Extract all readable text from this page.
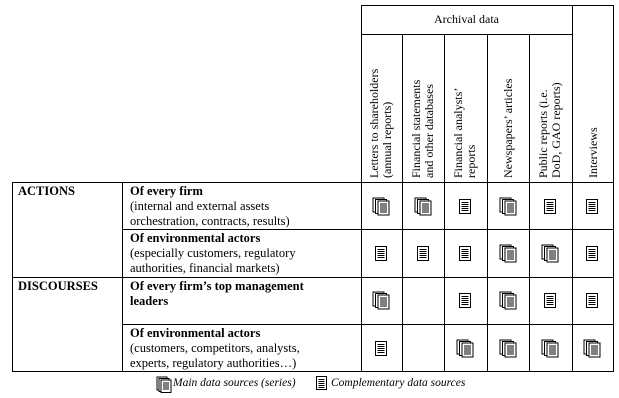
Archival data
Letters to shareholders (annual reports) Financial statements and other databases Financial analysts’ reports Newspapers’ articles Public reports (i.e. DoD, GAO reports) Interviews
ACTIONS
DISCOURSES
Of every firm
(internal and external assets
orchestration, contracts, results)
Of environmental actors
(especially customers, regulatory
authorities, financial markets)
Of every firm’s top management
leaders
Of environmental actors
(customers, competitors, analysts,
experts, regulatory authorities…)
Main data sources (series)	Complementary data sources
